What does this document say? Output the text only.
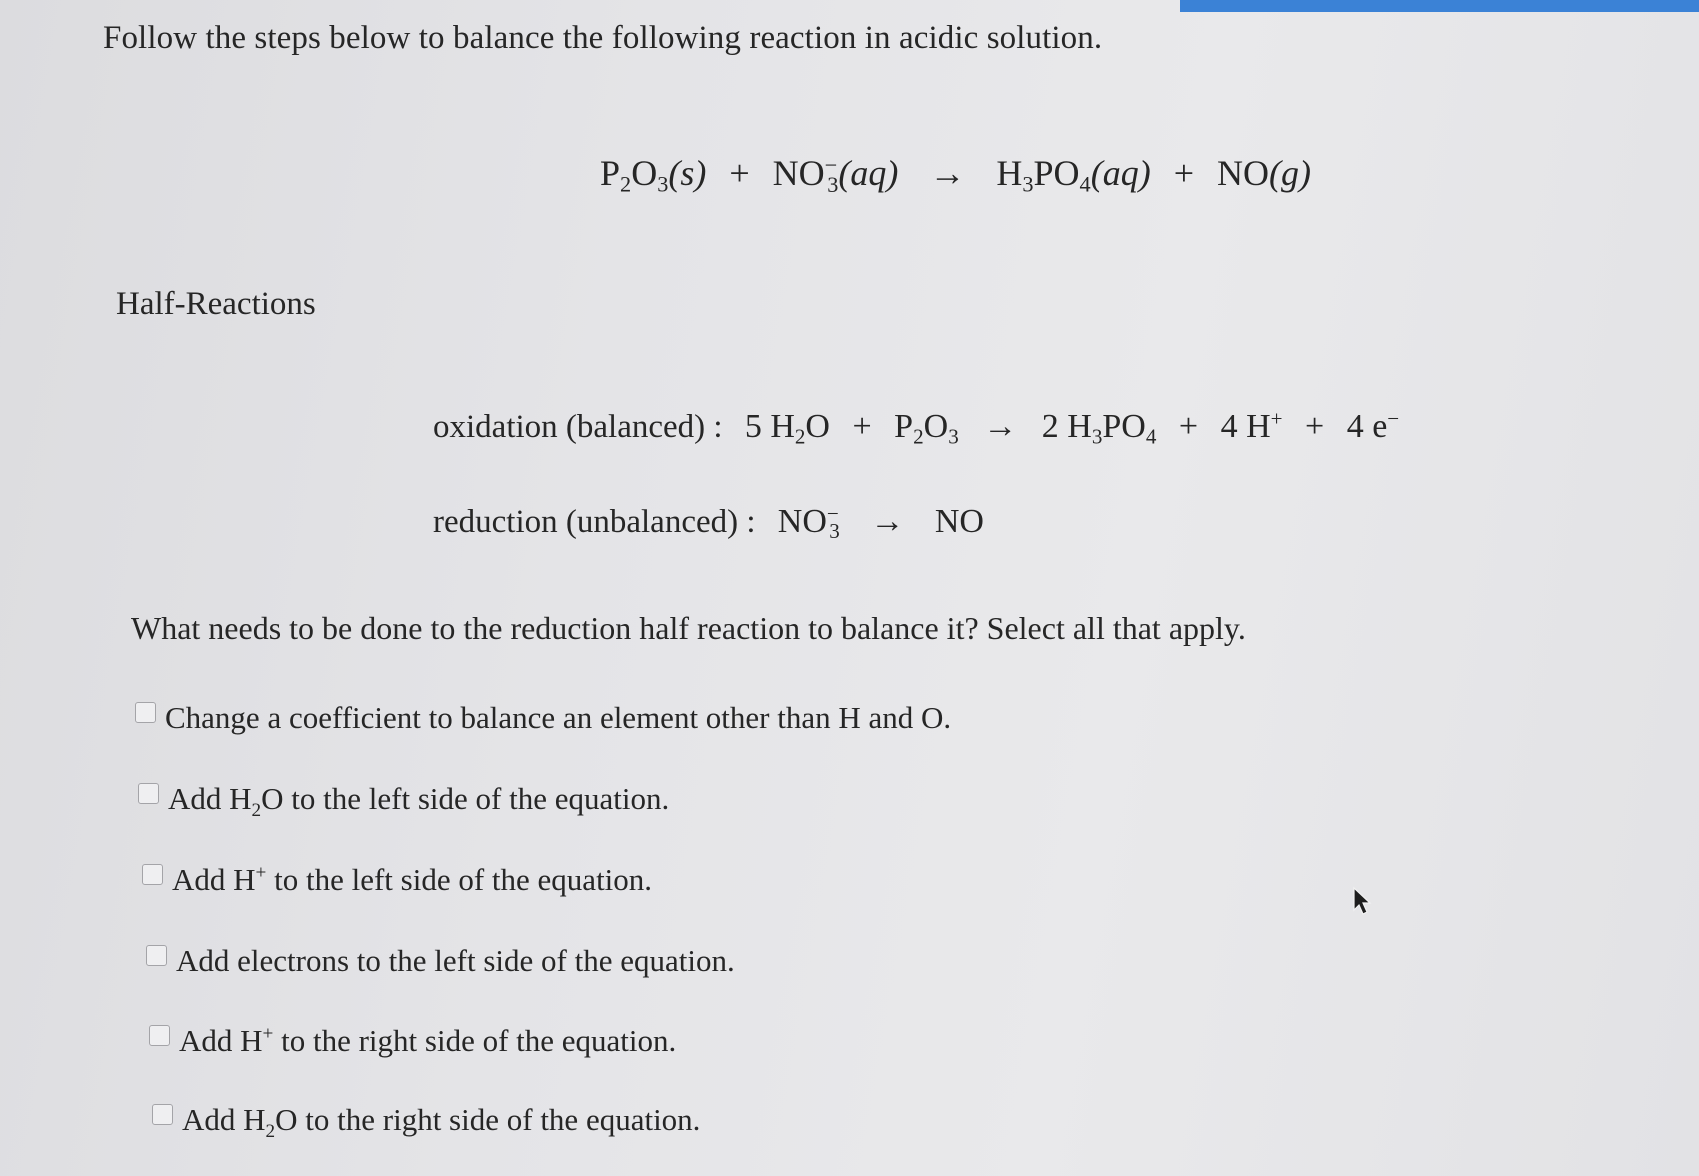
Follow the steps below to balance the following reaction in acidic solution.
$P_2O_3(s) + NO^-_3(aq) \to H_3PO_4(aq) + NO(g)$
Half-Reactions
oxidation (balanced) : 5 $H_2O + P_2O_3 \to 2$ $H_3PO_4 + 4$ H+ + 4 e−
reduction (unbalanced) : $NO^-_3$ → NO
What needs to be done to the reduction half reaction to balance it? Select all that apply.
Change a coefficient to balance an element other than H and O.
Add $H_2O$ to the left side of the equation.
Add H+ to the left side of the equation.
Add electrons to the left side of the equation.
Add H+ to the right side of the equation.
Add $H_2O$ to the right side of the equation.
